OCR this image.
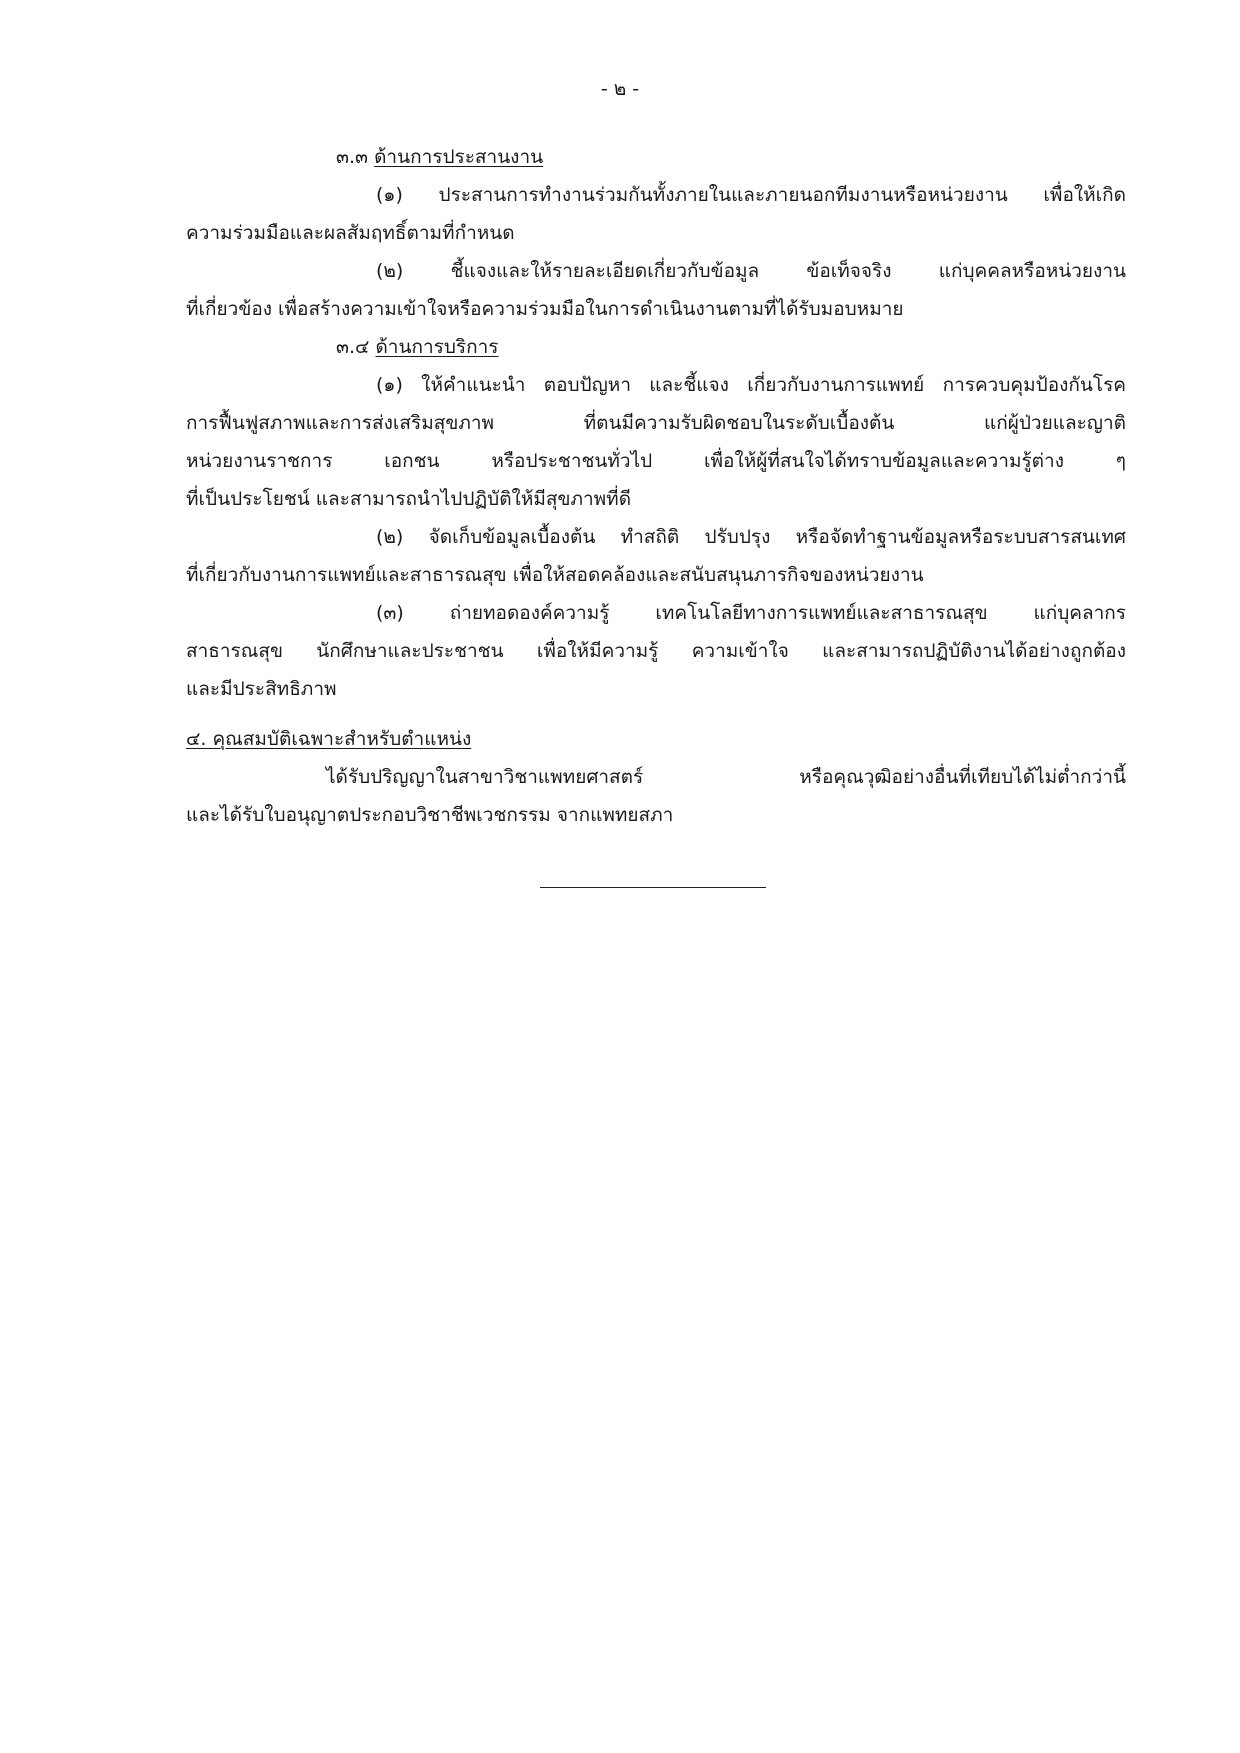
- ๒ -
๓.๓ ด้านการประสานงาน
(๑) ประสานการทำงานร่วมกันทั้งภายในและภายนอกทีมงานหรือหน่วยงาน เพื่อให้เกิด
ความร่วมมือและผลสัมฤทธิ์ตามที่กำหนด
(๒) ชี้แจงและให้รายละเอียดเกี่ยวกับข้อมูล ข้อเท็จจริง แก่บุคคลหรือหน่วยงาน
ที่เกี่ยวข้อง เพื่อสร้างความเข้าใจหรือความร่วมมือในการดำเนินงานตามที่ได้รับมอบหมาย
๓.๔ ด้านการบริการ
(๑) ให้คำแนะนำ ตอบปัญหา และชี้แจง เกี่ยวกับงานการแพทย์ การควบคุมป้องกันโรค
การฟื้นฟูสภาพและการส่งเสริมสุขภาพ ที่ตนมีความรับผิดชอบในระดับเบื้องต้น แก่ผู้ป่วยและญาติ
หน่วยงานราชการ เอกชน หรือประชาชนทั่วไป เพื่อให้ผู้ที่สนใจได้ทราบข้อมูลและความรู้ต่าง ๆ
ที่เป็นประโยชน์ และสามารถนำไปปฏิบัติให้มีสุขภาพที่ดี
(๒) จัดเก็บข้อมูลเบื้องต้น ทำสถิติ ปรับปรุง หรือจัดทำฐานข้อมูลหรือระบบสารสนเทศ
ที่เกี่ยวกับงานการแพทย์และสาธารณสุข เพื่อให้สอดคล้องและสนับสนุนภารกิจของหน่วยงาน
(๓) ถ่ายทอดองค์ความรู้ เทคโนโลยีทางการแพทย์และสาธารณสุข แก่บุคลากร
สาธารณสุข นักศึกษาและประชาชน เพื่อให้มีความรู้ ความเข้าใจ และสามารถปฏิบัติงานได้อย่างถูกต้อง
และมีประสิทธิภาพ
๔. คุณสมบัติเฉพาะสำหรับตำแหน่ง
ได้รับปริญญาในสาขาวิชาแพทยศาสตร์ หรือคุณวุฒิอย่างอื่นที่เทียบได้ไม่ต่ำกว่านี้
และได้รับใบอนุญาตประกอบวิชาชีพเวชกรรม จากแพทยสภา
